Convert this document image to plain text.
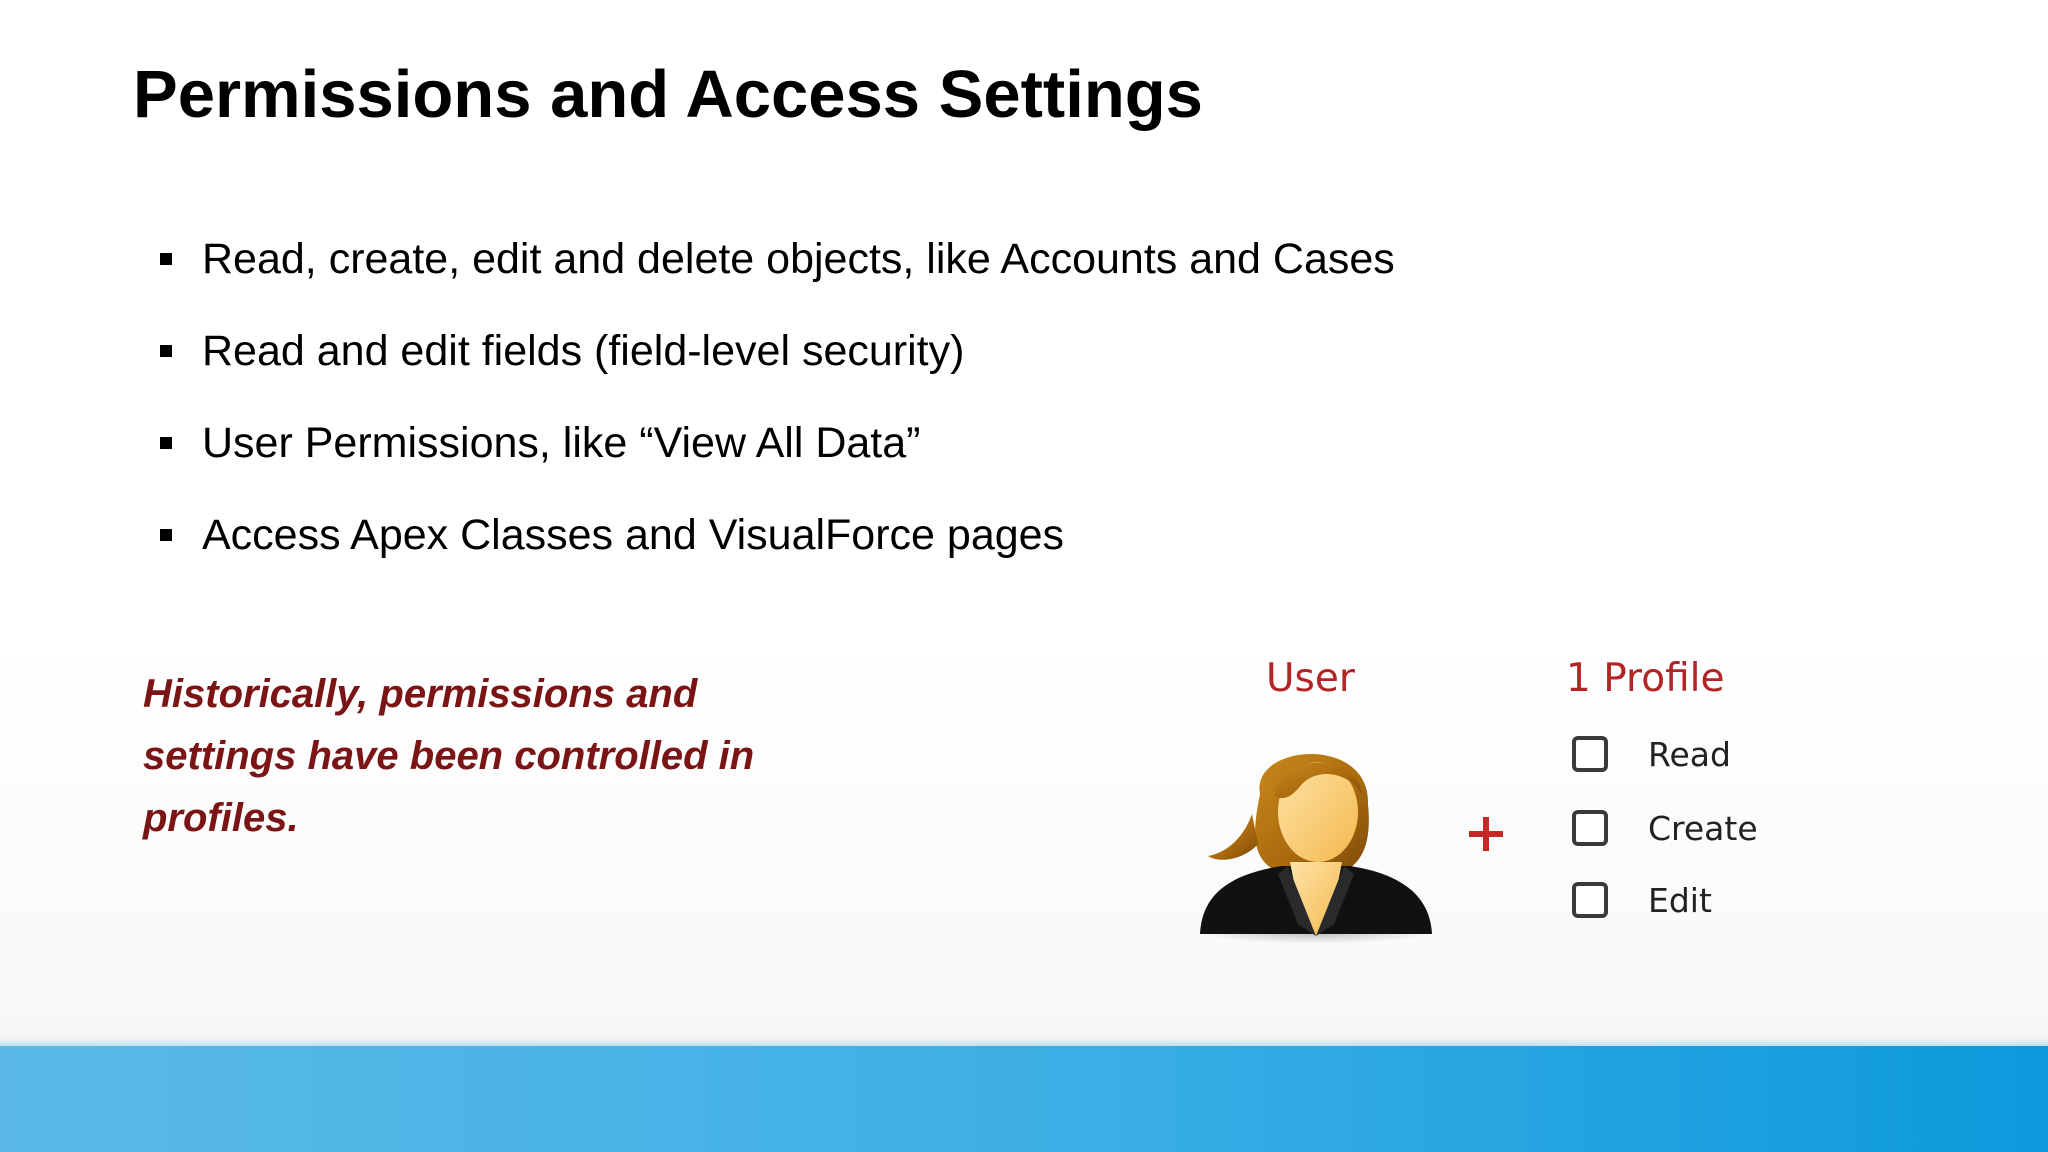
Permissions and Access Settings
Read, create, edit and delete objects, like Accounts and Cases
Read and edit fields (field-level security)
User Permissions, like “View All Data”
Access Apex Classes and VisualForce pages

Historically, permissions and
settings have been controlled in
profiles.

User	1 Profile
Read
Create
Edit
